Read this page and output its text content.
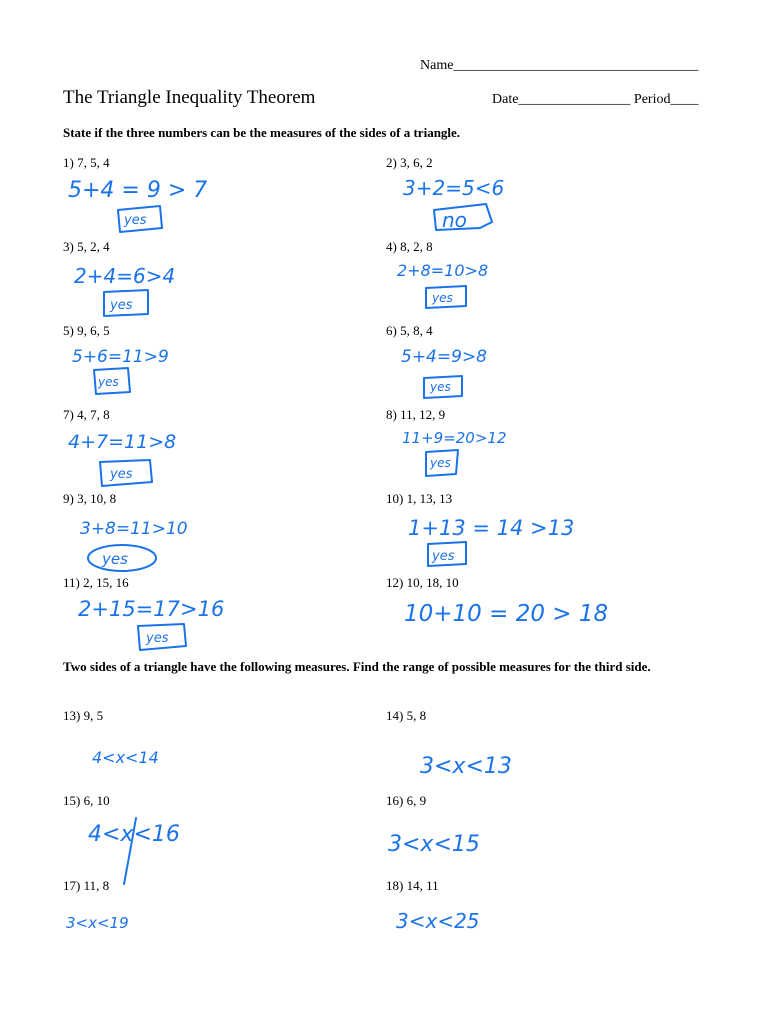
Name___________________________________
The Triangle Inequality Theorem	Date________________ Period____
State if the three numbers can be the measures of the sides of a triangle.
1) 7, 5, 4	2) 3, 6, 2
3) 5, 2, 4	4) 8, 2, 8
5) 9, 6, 5	6) 5, 8, 4
7) 4, 7, 8	8) 11, 12, 9
9) 3, 10, 8	10) 1, 13, 13
11) 2, 15, 16	12) 10, 18, 10
Two sides of a triangle have the following measures. Find the range of possible measures for the third side.
13) 9, 5	14) 5, 8
15) 6, 10	16) 6, 9
17) 11, 8	18) 14, 11
5+4 = 9 > 7
yes
3+2=5<6
no
2+4=6>4
yes
2+8=10>8
yes
5+6=11>9
yes
5+4=9>8
yes
4+7=11>8
yes
11+9=20>12
yes
3+8=11>10
yes
1+13 = 14 >13
yes
2+15=17>16
yes
10+10 = 20 > 18
4<x<14	3<x<13
4<x<16	3<x<15
3<x<19	3<x<25
